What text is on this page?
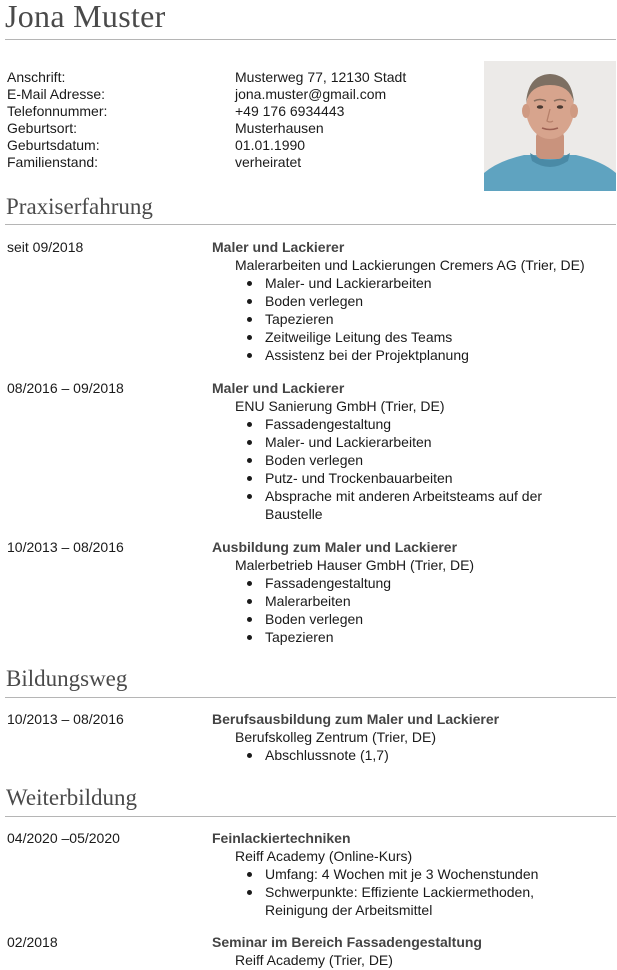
Jona Muster
Anschrift:	Musterweg 77, 12130 Stadt
E-Mail Adresse:	jona.muster@gmail.com
Telefonnummer:	+49 176 6934443
Geburtsort:	Musterhausen
Geburtsdatum:	01.01.1990
Familienstand:	verheiratet
Praxiserfahrung
seit 09/2018	Maler und Lackierer
Malerarbeiten und Lackierungen Cremers AG (Trier, DE)
Maler- und Lackierarbeiten
Boden verlegen
Tapezieren
Zeitweilige Leitung des Teams
Assistenz bei der Projektplanung
08/2016 – 09/2018	Maler und Lackierer
ENU Sanierung GmbH (Trier, DE)
Fassadengestaltung
Maler- und Lackierarbeiten
Boden verlegen
Putz- und Trockenbauarbeiten
Absprache mit anderen Arbeitsteams auf der Baustelle
10/2013 – 08/2016	Ausbildung zum Maler und Lackierer
Malerbetrieb Hauser GmbH (Trier, DE)
Fassadengestaltung
Malerarbeiten
Boden verlegen
Tapezieren
Bildungsweg
10/2013 – 08/2016	Berufsausbildung zum Maler und Lackierer
Berufskolleg Zentrum (Trier, DE)
Abschlussnote (1,7)
Weiterbildung
04/2020 –05/2020	Feinlackiertechniken
Reiff Academy (Online-Kurs)
Umfang: 4 Wochen mit je 3 Wochenstunden
Schwerpunkte: Effiziente Lackiermethoden, Reinigung der Arbeitsmittel
02/2018	Seminar im Bereich Fassadengestaltung
Reiff Academy (Trier, DE)
